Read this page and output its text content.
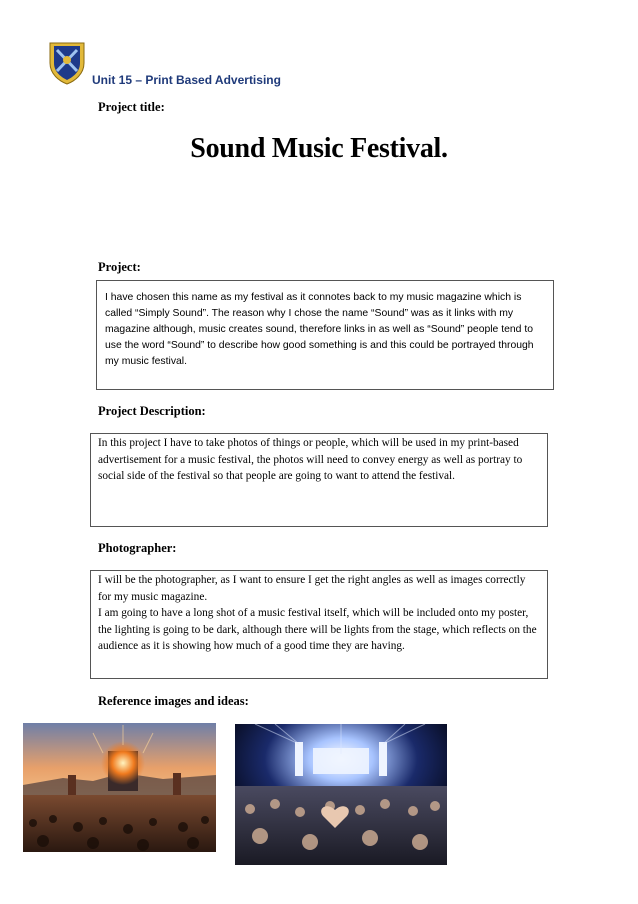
Unit 15 – Print Based Advertising
Project title:
Sound Music Festival.
Project:

I have chosen this name as my festival as it connotes back to my music magazine which is called “Simply Sound”. The reason why I chose the name “Sound” was as it links with my magazine although, music creates sound, therefore links in as well as “Sound” people tend to use the word “Sound” to describe how good something is and this could be portrayed through my music festival.

Project Description:

In this project I have to take photos of things or people, which will be used in my print-based advertisement for a music festival, the photos will need to convey energy as well as portray to social side of the festival so that people are going to want to attend the festival.

Photographer:

I will be the photographer, as I want to ensure I get the right angles as well as images correctly for my music magazine.

I am going to have a long shot of a music festival itself, which will be included onto my poster, the lighting is going to be dark, although there will be lights from the stage, which reflects on the audience as it is showing how much of a good time they are having.

Reference images and ideas:
